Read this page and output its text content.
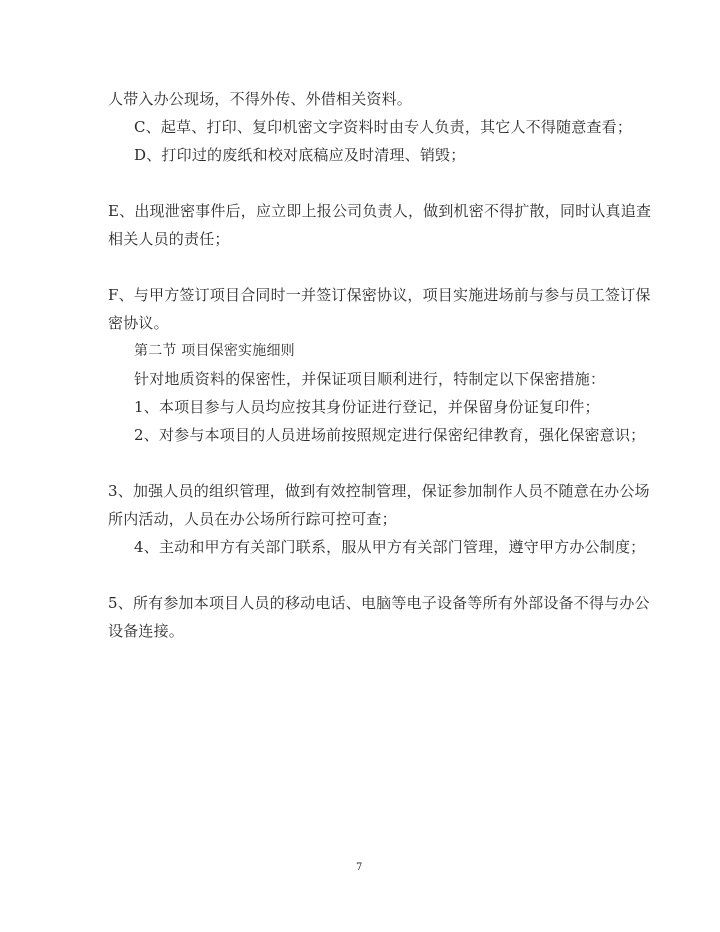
人带入办公现场，不得外传、外借相关资料。
C、起草、打印、复印机密文字资料时由专人负责，其它人不得随意查看；
D、打印过的废纸和校对底稿应及时清理、销毁；
E、出现泄密事件后，应立即上报公司负责人，做到机密不得扩散，同时认真追查
相关人员的责任；
F、与甲方签订项目合同时一并签订保密协议，项目实施进场前与参与员工签订保
密协议。
第二节 项目保密实施细则
针对地质资料的保密性，并保证项目顺利进行，特制定以下保密措施：
1、本项目参与人员均应按其身份证进行登记，并保留身份证复印件；
2、对参与本项目的人员进场前按照规定进行保密纪律教育，强化保密意识；
3、加强人员的组织管理，做到有效控制管理，保证参加制作人员不随意在办公场
所内活动，人员在办公场所行踪可控可查；
4、主动和甲方有关部门联系，服从甲方有关部门管理，遵守甲方办公制度；
5、所有参加本项目人员的移动电话、电脑等电子设备等所有外部设备不得与办公
设备连接。
7
